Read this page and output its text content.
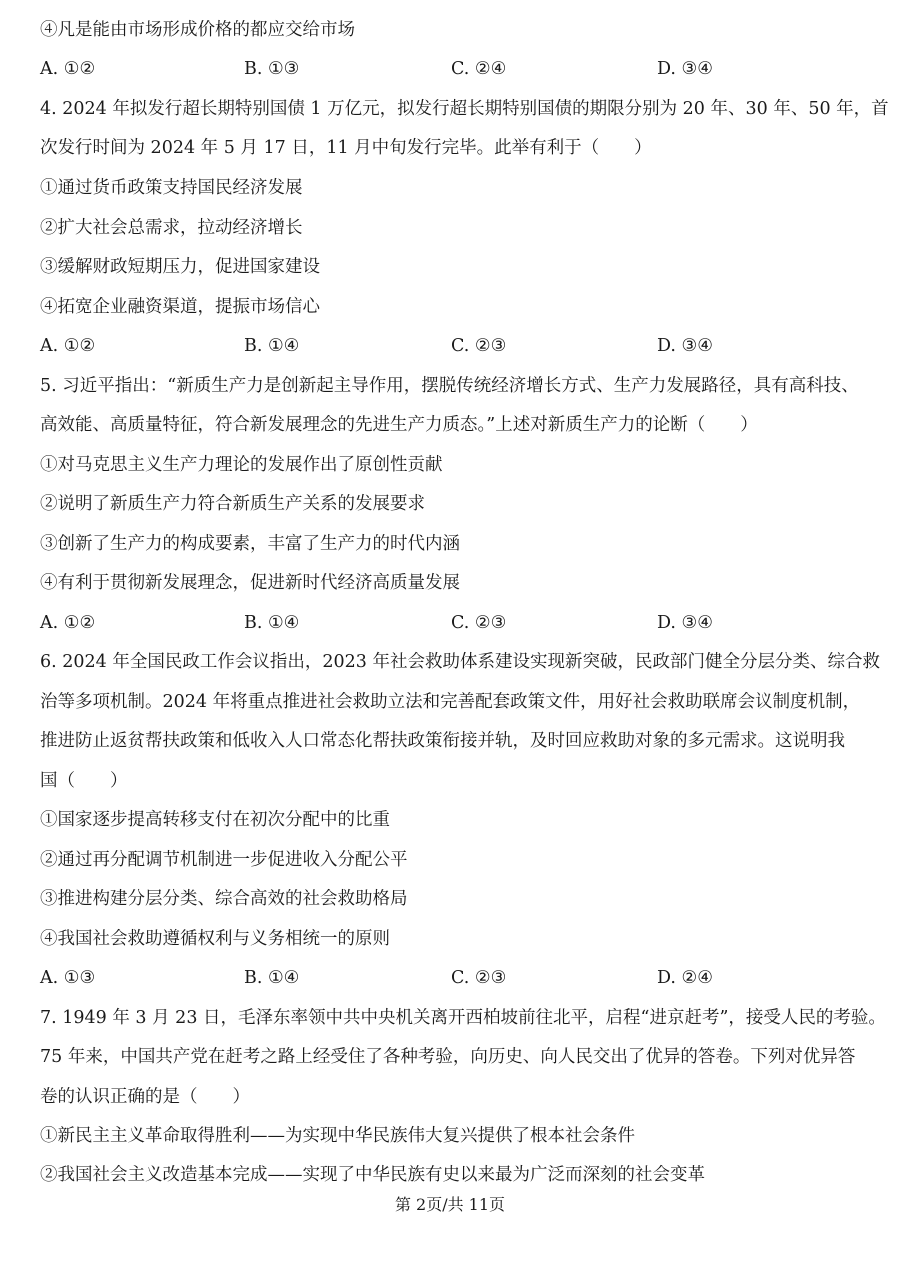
④凡是能由市场形成价格的都应交给市场
A. ①②	B. ①③	C. ②④	D. ③④
4. 2024 年拟发行超长期特别国债 1 万亿元，拟发行超长期特别国债的期限分别为 20 年、30 年、50 年，首
次发行时间为 2024 年 5 月 17 日，11 月中旬发行完毕。此举有利于（　　）
①通过货币政策支持国民经济发展
②扩大社会总需求，拉动经济增长
③缓解财政短期压力，促进国家建设
④拓宽企业融资渠道，提振市场信心
A. ①②	B. ①④	C. ②③	D. ③④
5. 习近平指出：“新质生产力是创新起主导作用，摆脱传统经济增长方式、生产力发展路径，具有高科技、
高效能、高质量特征，符合新发展理念的先进生产力质态。”上述对新质生产力的论断（　　）
①对马克思主义生产力理论的发展作出了原创性贡献
②说明了新质生产力符合新质生产关系的发展要求
③创新了生产力的构成要素，丰富了生产力的时代内涵
④有利于贯彻新发展理念，促进新时代经济高质量发展
A. ①②	B. ①④	C. ②③	D. ③④
6. 2024 年全国民政工作会议指出，2023 年社会救助体系建设实现新突破，民政部门健全分层分类、综合救
治等多项机制。2024 年将重点推进社会救助立法和完善配套政策文件，用好社会救助联席会议制度机制，
推进防止返贫帮扶政策和低收入人口常态化帮扶政策衔接并轨，及时回应救助对象的多元需求。这说明我
国（　　）
①国家逐步提高转移支付在初次分配中的比重
②通过再分配调节机制进一步促进收入分配公平
③推进构建分层分类、综合高效的社会救助格局
④我国社会救助遵循权利与义务相统一的原则
A. ①③	B. ①④	C. ②③	D. ②④
7. 1949 年 3 月 23 日，毛泽东率领中共中央机关离开西柏坡前往北平，启程“进京赶考”，接受人民的考验。
75 年来，中国共产党在赶考之路上经受住了各种考验，向历史、向人民交出了优异的答卷。下列对优异答
卷的认识正确的是（　　）
①新民主主义革命取得胜利——为实现中华民族伟大复兴提供了根本社会条件
②我国社会主义改造基本完成——实现了中华民族有史以来最为广泛而深刻的社会变革
第 2页/共 11页
